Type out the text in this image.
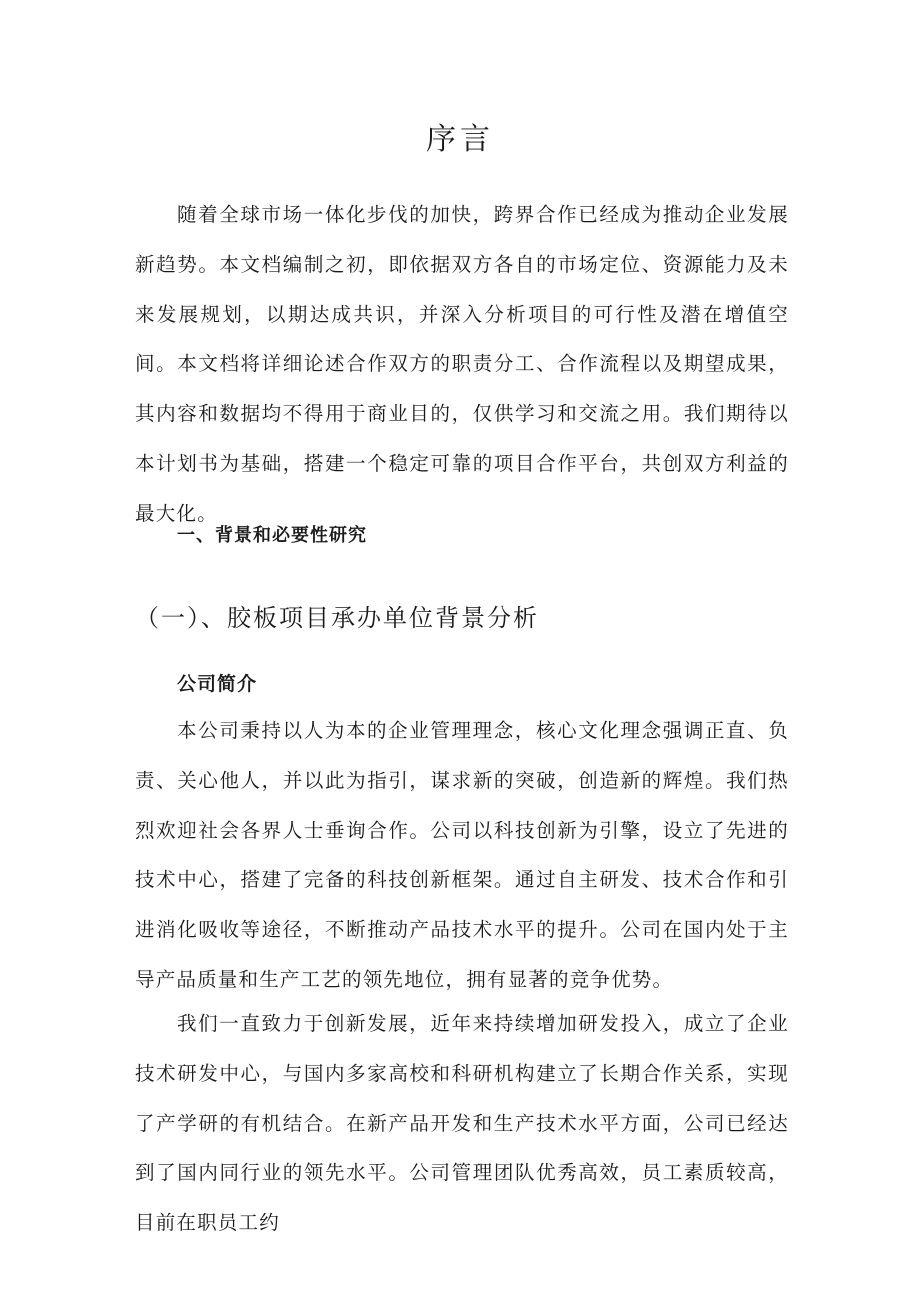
序言

随着全球市场一体化步伐的加快，跨界合作已经成为推动企业发展新趋势。本文档编制之初，即依据双方各自的市场定位、资源能力及未来发展规划，以期达成共识，并深入分析项目的可行性及潜在增值空间。本文档将详细论述合作双方的职责分工、合作流程以及期望成果，其内容和数据均不得用于商业目的，仅供学习和交流之用。我们期待以本计划书为基础，搭建一个稳定可靠的项目合作平台，共创双方利益的最大化。

一、背景和必要性研究
（一）、胶板项目承办单位背景分析
公司简介

本公司秉持以人为本的企业管理理念，核心文化理念强调正直、负责、关心他人，并以此为指引，谋求新的突破，创造新的辉煌。我们热烈欢迎社会各界人士垂询合作。公司以科技创新为引擎，设立了先进的技术中心，搭建了完备的科技创新框架。通过自主研发、技术合作和引进消化吸收等途径，不断推动产品技术水平的提升。公司在国内处于主导产品质量和生产工艺的领先地位，拥有显著的竞争优势。

我们一直致力于创新发展，近年来持续增加研发投入，成立了企业技术研发中心，与国内多家高校和科研机构建立了长期合作关系，实现了产学研的有机结合。在新产品开发和生产技术水平方面，公司已经达到了国内同行业的领先水平。公司管理团队优秀高效，员工素质较高，目前在职员工约
